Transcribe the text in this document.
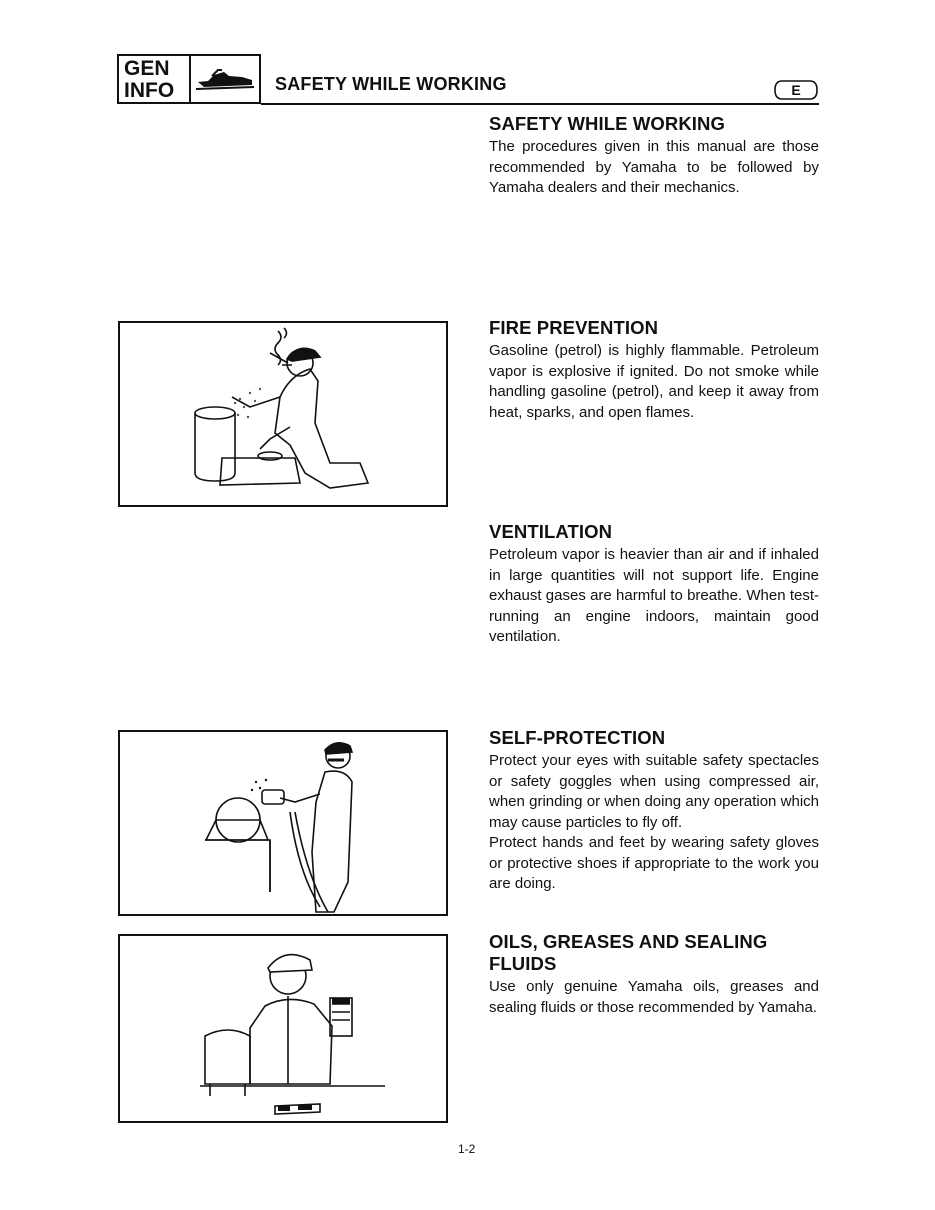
GEN
INFO	SAFETY WHILE WORKING	E
SAFETY WHILE WORKING

The procedures given in this manual are those recommended by Yamaha to be followed by Yamaha dealers and their mechanics.

FIRE PREVENTION

Gasoline (petrol) is highly flammable. Petroleum vapor is explosive if ignited. Do not smoke while handling gasoline (petrol), and keep it away from heat, sparks, and open flames.

VENTILATION

Petroleum vapor is heavier than air and if inhaled in large quantities will not support life. Engine exhaust gases are harmful to breathe. When test-running an engine indoors, maintain good ventilation.

SELF-PROTECTION

Protect your eyes with suitable safety spectacles or safety goggles when using compressed air, when grinding or when doing any operation which may cause particles to fly off.

Protect hands and feet by wearing safety gloves or protective shoes if appropriate to the work you are doing.

OILS, GREASES AND SEALING FLUIDS

Use only genuine Yamaha oils, greases and sealing fluids or those recommended by Yamaha.

1-2
